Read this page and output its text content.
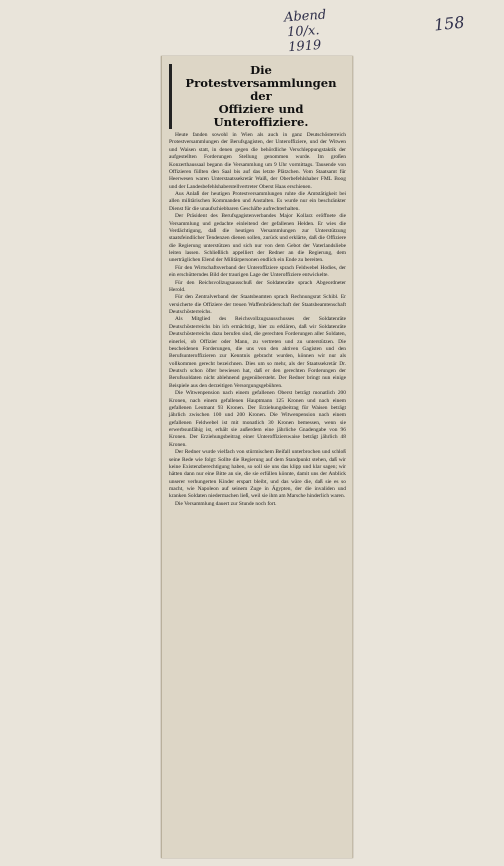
Abend
10/x. 1919
158
Die Protestversammlungen der
Offiziere und Unteroffiziere.

Heute fanden sowohl in Wien als auch in ganz Deutschösterreich Protestversammlungen der Berufsgagisten, der Unteroffiziere, und der Witwen und Waisen statt, in denen gegen die behördliche Verschleppungstaktik der aufgestellten Forderungen Stellung genommen wurde. Im großen Konzerthaussaal begann die Versammlung um 9 Uhr vormittags. Tausende von Offizieren füllten den Saal bis auf das letzte Plätzchen. Vom Staatsamt für Heerwesen waren Unterstaatssekretär Waiß, der Oberbefehlshaber FML Boog und der Landesbefehlshaberstellvertreter Oberst Haas erschienen.

Aus Anlaß der heutigen Protestversammlungen ruhte die Amtstätigkeit bei allen militärischen Kommanden und Anstalten. Es wurde nur ein beschränkter Dienst für die unaufschiebbaren Geschäfte aufrechterhalten.

Der Präsident des Berufsgagistenverbandes Major Kollarz eröffnete die Versammlung und gedachte einleitend der gefallenen Helden. Er wies die Verdächtigung, daß die heutigen Versammlungen zur Unterstützung staatsfeindlicher Tendenzen dienen sollen, zurück und erklärte, daß die Offiziere die Regierung unterstützen und sich nur von dem Gebot der Vaterlandsliebe leiten lassen. Schließlich appelliert der Redner an die Regierung, dem unerträglichen Elend der Militärpersonen endlich ein Ende zu bereiten.

Für den Wirtschaftsverband der Unteroffiziere sprach Feldwebel Hodies, der ein erschütterndes Bild der traurigen Lage der Unteroffiziere entwickelte.

Für den Reichsvollzugsausschuß der Soldatenräte sprach Abgeordneter Herold.

Für den Zentralverband der Staatsbeamten sprach Rechnungsrat Schibl. Er versicherte die Offiziere der treuen Waffenbrüderschaft der Staatsbeamtenschaft Deutschösterreichs.

Als Mitglied des Reichsvollzugsausschusses der Soldatenräte Deutschösterreichs bin ich ermächtigt, hier zu erklären, daß wir Soldatenräte Deutschösterreichs dazu berufen sind, die gerechten Forderungen aller Soldaten, einerlei, ob Offizier oder Mann, zu vertreten und zu unterstützen. Die bescheidenen Forderungen, die uns von den aktiven Gagisten und den Berufsunteroffizieren zur Kenntnis gebracht wurden, können wir nur als vollkommen gerecht bezeichnen. Dies um so mehr, als der Staatssekretär Dr. Deutsch schon öfter bewiesen hat, daß er den gerechten Forderungen der Berufssoldaten nicht ablehnend gegenübersteht. Der Redner bringt nun einige Beispiele aus den derzeitigen Versorgungsgebühren.

Die Witwenpension nach einem gefallenen Oberst beträgt monatlich 200 Kronen, nach einem gefallenen Hauptmann 125 Kronen und nach einem gefallenen Leutnant 93 Kronen. Der Erziehungsbeitrag für Waisen beträgt jährlich zwischen 100 und 200 Kronen. Die Witwenpension nach einem gefallenen Feldwebel ist mit monatlich 30 Kronen bemessen, wenn sie erwerbsunfähig ist, erhält sie außerdem eine jährliche Gnadengabe von 96 Kronen. Der Erziehungsbeitrag einer Unteroffizierswaise beträgt jährlich 48 Kronen.

Der Redner wurde vielfach von stürmischem Beifall unterbrochen und schloß seine Rede wie folgt: Sollte die Regierung auf dem Standpunkt stehen, daß wir keine Existenzberechtigung haben, so soll sie uns das klipp und klar sagen; wir hätten dann nur eine Bitte an sie, die sie erfüllen könnte, damit uns der Anblick unserer verhungerten Kinder erspart bleibt, und das wäre die, daß sie es so macht, wie Napoleon auf seinem Zuge in Ägypten, der die invaliden und kranken Soldaten niedermachen ließ, weil sie ihm am Marsche hinderlich waren.

Die Versammlung dauert zur Stunde noch fort.
